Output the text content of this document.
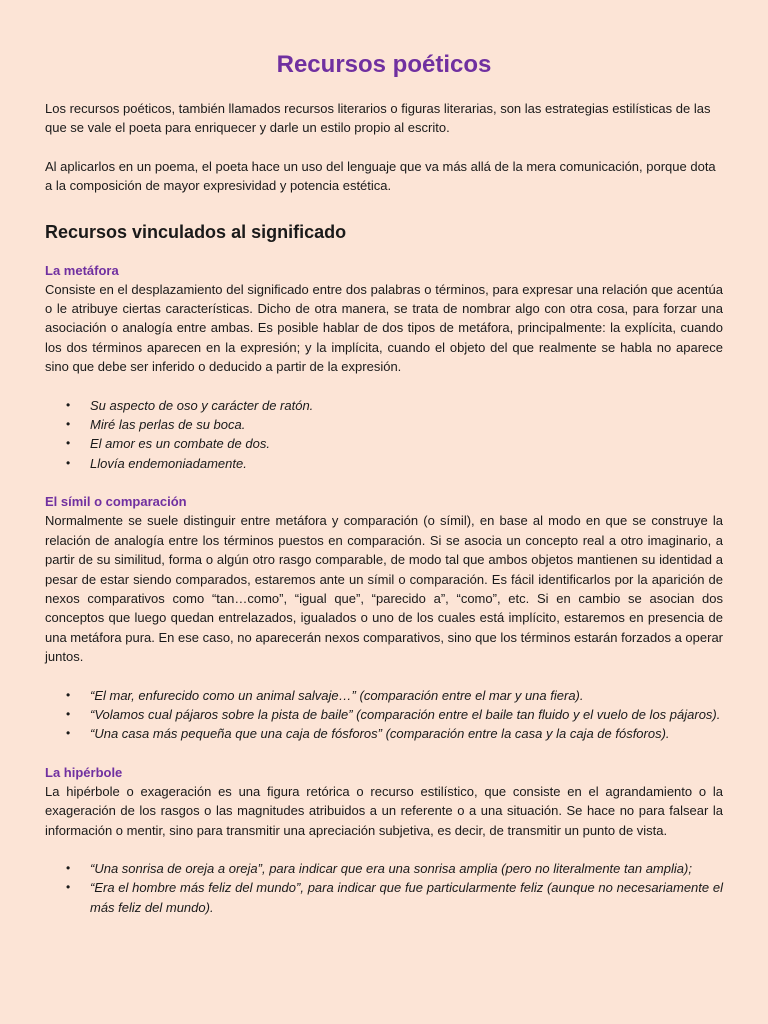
Recursos poéticos

Los recursos poéticos, también llamados recursos literarios o figuras literarias, son las estrategias estilísticas de las que se vale el poeta para enriquecer y darle un estilo propio al escrito.

Al aplicarlos en un poema, el poeta hace un uso del lenguaje que va más allá de la mera comunicación, porque dota a la composición de mayor expresividad y potencia estética.

Recursos vinculados al significado
La metáfora

Consiste en el desplazamiento del significado entre dos palabras o términos, para expresar una relación que acentúa o le atribuye ciertas características. Dicho de otra manera, se trata de nombrar algo con otra cosa, para forzar una asociación o analogía entre ambas. Es posible hablar de dos tipos de metáfora, principalmente: la explícita, cuando los dos términos aparecen en la expresión; y la implícita, cuando el objeto del que realmente se habla no aparece sino que debe ser inferido o deducido a partir de la expresión.

• Su aspecto de oso y carácter de ratón.
• Miré las perlas de su boca.
• El amor es un combate de dos.
• Llovía endemoniadamente.
El símil o comparación

Normalmente se suele distinguir entre metáfora y comparación (o símil), en base al modo en que se construye la relación de analogía entre los términos puestos en comparación. Si se asocia un concepto real a otro imaginario, a partir de su similitud, forma o algún otro rasgo comparable, de modo tal que ambos objetos mantienen su identidad a pesar de estar siendo comparados, estaremos ante un símil o comparación. Es fácil identificarlos por la aparición de nexos comparativos como “tan…como”, “igual que”, “parecido a”, “como”, etc. Si en cambio se asocian dos conceptos que luego quedan entrelazados, igualados o uno de los cuales está implícito, estaremos en presencia de una metáfora pura. En ese caso, no aparecerán nexos comparativos, sino que los términos estarán forzados a operar juntos.

• “El mar, enfurecido como un animal salvaje…” (comparación entre el mar y una fiera).
• “Volamos cual pájaros sobre la pista de baile” (comparación entre el baile tan fluido y el vuelo de los pájaros).
• “Una casa más pequeña que una caja de fósforos” (comparación entre la casa y la caja de fósforos).
La hipérbole

La hipérbole o exageración es una figura retórica o recurso estilístico, que consiste en el agrandamiento o la exageración de los rasgos o las magnitudes atribuidos a un referente o a una situación. Se hace no para falsear la información o mentir, sino para transmitir una apreciación subjetiva, es decir, de transmitir un punto de vista.

• “Una sonrisa de oreja a oreja”, para indicar que era una sonrisa amplia (pero no literalmente tan amplia);
• “Era el hombre más feliz del mundo”, para indicar que fue particularmente feliz (aunque no necesariamente el más feliz del mundo).
